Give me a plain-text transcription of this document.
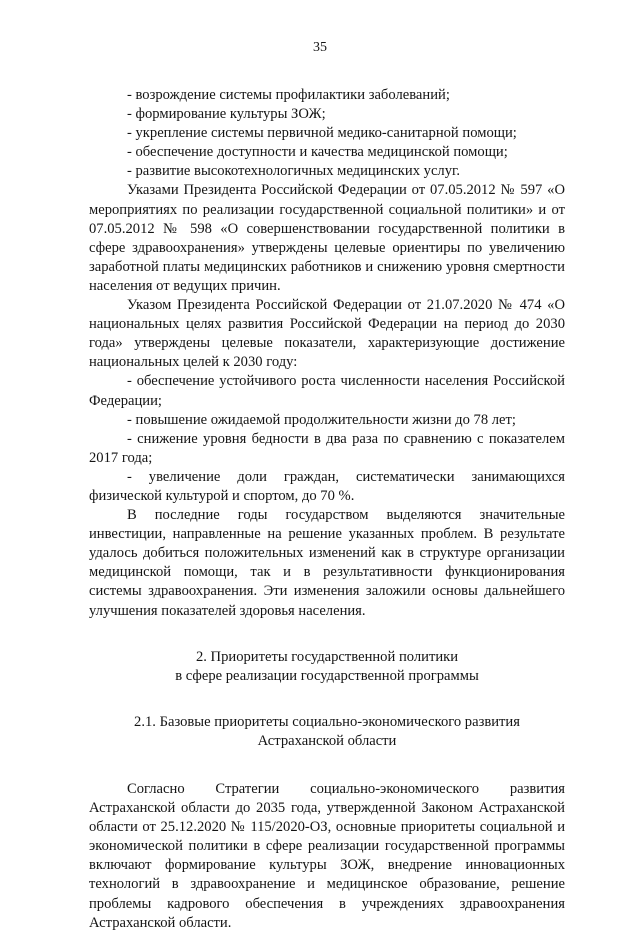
35

- возрождение системы профилактики заболеваний;

- формирование культуры ЗОЖ;

- укрепление системы первичной медико-санитарной помощи;

- обеспечение доступности и качества медицинской помощи;

- развитие высокотехнологичных медицинских услуг.

Указами Президента Российской Федерации от 07.05.2012 № 597 «О мероприятиях по реализации государственной социальной политики» и от 07.05.2012 № 598 «О совершенствовании государственной политики в сфере здравоохранения» утверждены целевые ориентиры по увеличению заработной платы медицинских работников и снижению уровня смертности населения от ведущих причин.

Указом Президента Российской Федерации от 21.07.2020 № 474 «О национальных целях развития Российской Федерации на период до 2030 года» утверждены целевые показатели, характеризующие достижение национальных целей к 2030 году:

- обеспечение устойчивого роста численности населения Российской Федерации;

- повышение ожидаемой продолжительности жизни до 78 лет;

- снижение уровня бедности в два раза по сравнению с показателем 2017 года;

- увеличение доли граждан, систематически занимающихся физической культурой и спортом, до 70 %.

В последние годы государством выделяются значительные инвестиции, направленные на решение указанных проблем. В результате удалось добиться положительных изменений как в структуре организации медицинской помощи, так и в результативности функционирования системы здравоохранения. Эти изменения заложили основы дальнейшего улучшения показателей здоровья населения.

2. Приоритеты государственной политики
в сфере реализации государственной программы

2.1. Базовые приоритеты социально-экономического развития
Астраханской области

Согласно Стратегии социально-экономического развития Астраханской области до 2035 года, утвержденной Законом Астраханской области от 25.12.2020 № 115/2020-ОЗ, основные приоритеты социальной и экономической политики в сфере реализации государственной программы включают формирование культуры ЗОЖ, внедрение инновационных технологий в здравоохранение и медицинское образование, решение проблемы кадрового обеспечения в учреждениях здравоохранения Астраханской области.
